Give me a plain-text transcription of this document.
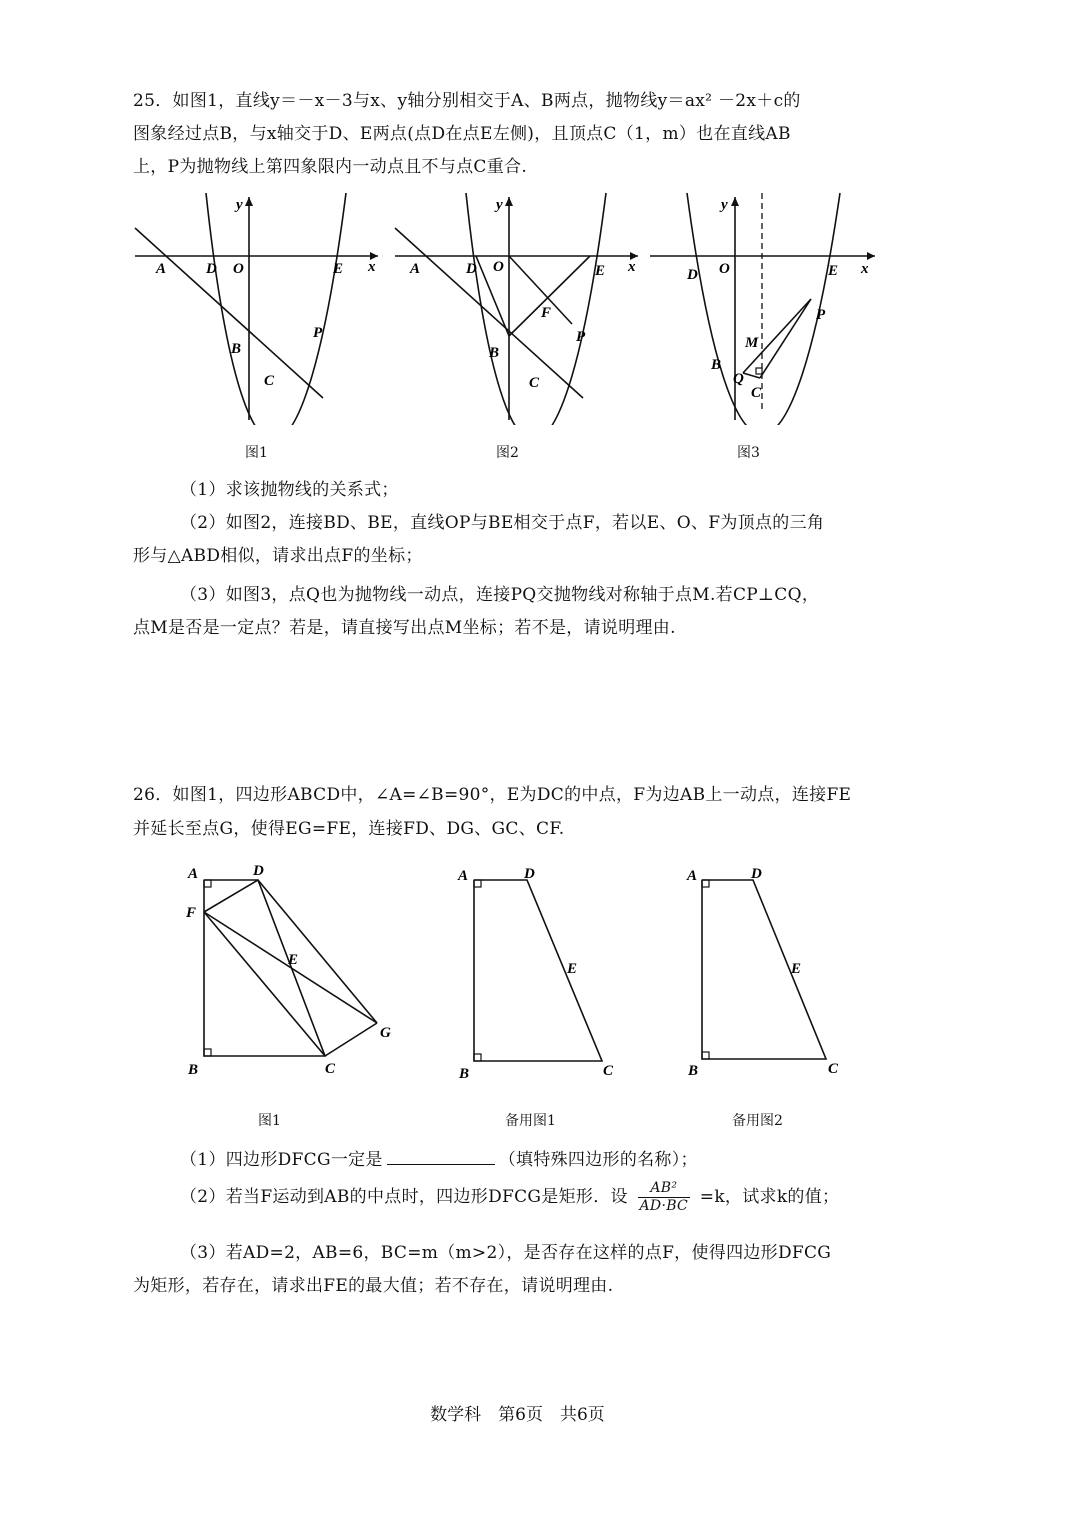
25．如图1，直线y＝－x－3与x、y轴分别相交于A、B两点，抛物线y＝ax² －2x＋c的
图象经过点B，与x轴交于D、E两点(点D在点E左侧)，且顶点C（1，m）也在直线AB
上，P为抛物线上第四象限内一动点且不与点C重合.
A	D O	E x
y
B
C
P
图1
A	D O	E x
y
F
B
C
P
图2
D O	E x
y
P
M
B
Q
C
图3
（1）求该抛物线的关系式；
（2）如图2，连接BD、BE，直线OP与BE相交于点F，若以E、O、F为顶点的三角
形与△ABD相似，请求出点F的坐标；
（3）如图3，点Q也为抛物线一动点，连接PQ交抛物线对称轴于点M.若CP⊥CQ，
点M是否是一定点？若是，请直接写出点M坐标；若不是，请说明理由.
26．如图1，四边形ABCD中，∠A=∠B=90°，E为DC的中点，F为边AB上一动点，连接FE
并延长至点G，使得EG=FE，连接FD、DG、GC、CF.
A	D
F
E
G
B	C
图1
A	D
E
B	C
备用图1
A	D
E
B	C
备用图2
（1）四边形DFCG一定是	（填特殊四边形的名称）；
（2）若当F运动到AB的中点时，四边形DFCG是矩形．设 $\frac{\text{AB²}}{AD\cdot BC} =k$，试求k的值；
（3）若AD=2，AB=6，BC=m（m>2），是否存在这样的点F，使得四边形DFCG
为矩形，若存在，请求出FE的最大值；若不存在，请说明理由.
数学科　第6页　共6页
